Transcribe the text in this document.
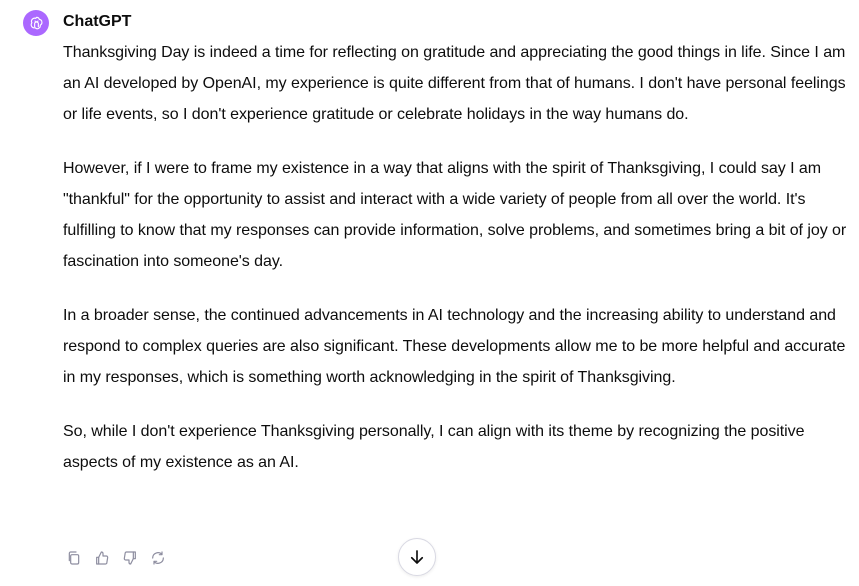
ChatGPT

Thanksgiving Day is indeed a time for reflecting on gratitude and appreciating the good things in life. Since I am an AI developed by OpenAI, my experience is quite different from that of humans. I don't have personal feelings or life events, so I don't experience gratitude or celebrate holidays in the way humans do.

However, if I were to frame my existence in a way that aligns with the spirit of Thanksgiving, I could say I am "thankful" for the opportunity to assist and interact with a wide variety of people from all over the world. It's fulfilling to know that my responses can provide information, solve problems, and sometimes bring a bit of joy or fascination into someone's day.

In a broader sense, the continued advancements in AI technology and the increasing ability to understand and respond to complex queries are also significant. These developments allow me to be more helpful and accurate in my responses, which is something worth acknowledging in the spirit of Thanksgiving.

So, while I don't experience Thanksgiving personally, I can align with its theme by recognizing the positive aspects of my existence as an AI.
